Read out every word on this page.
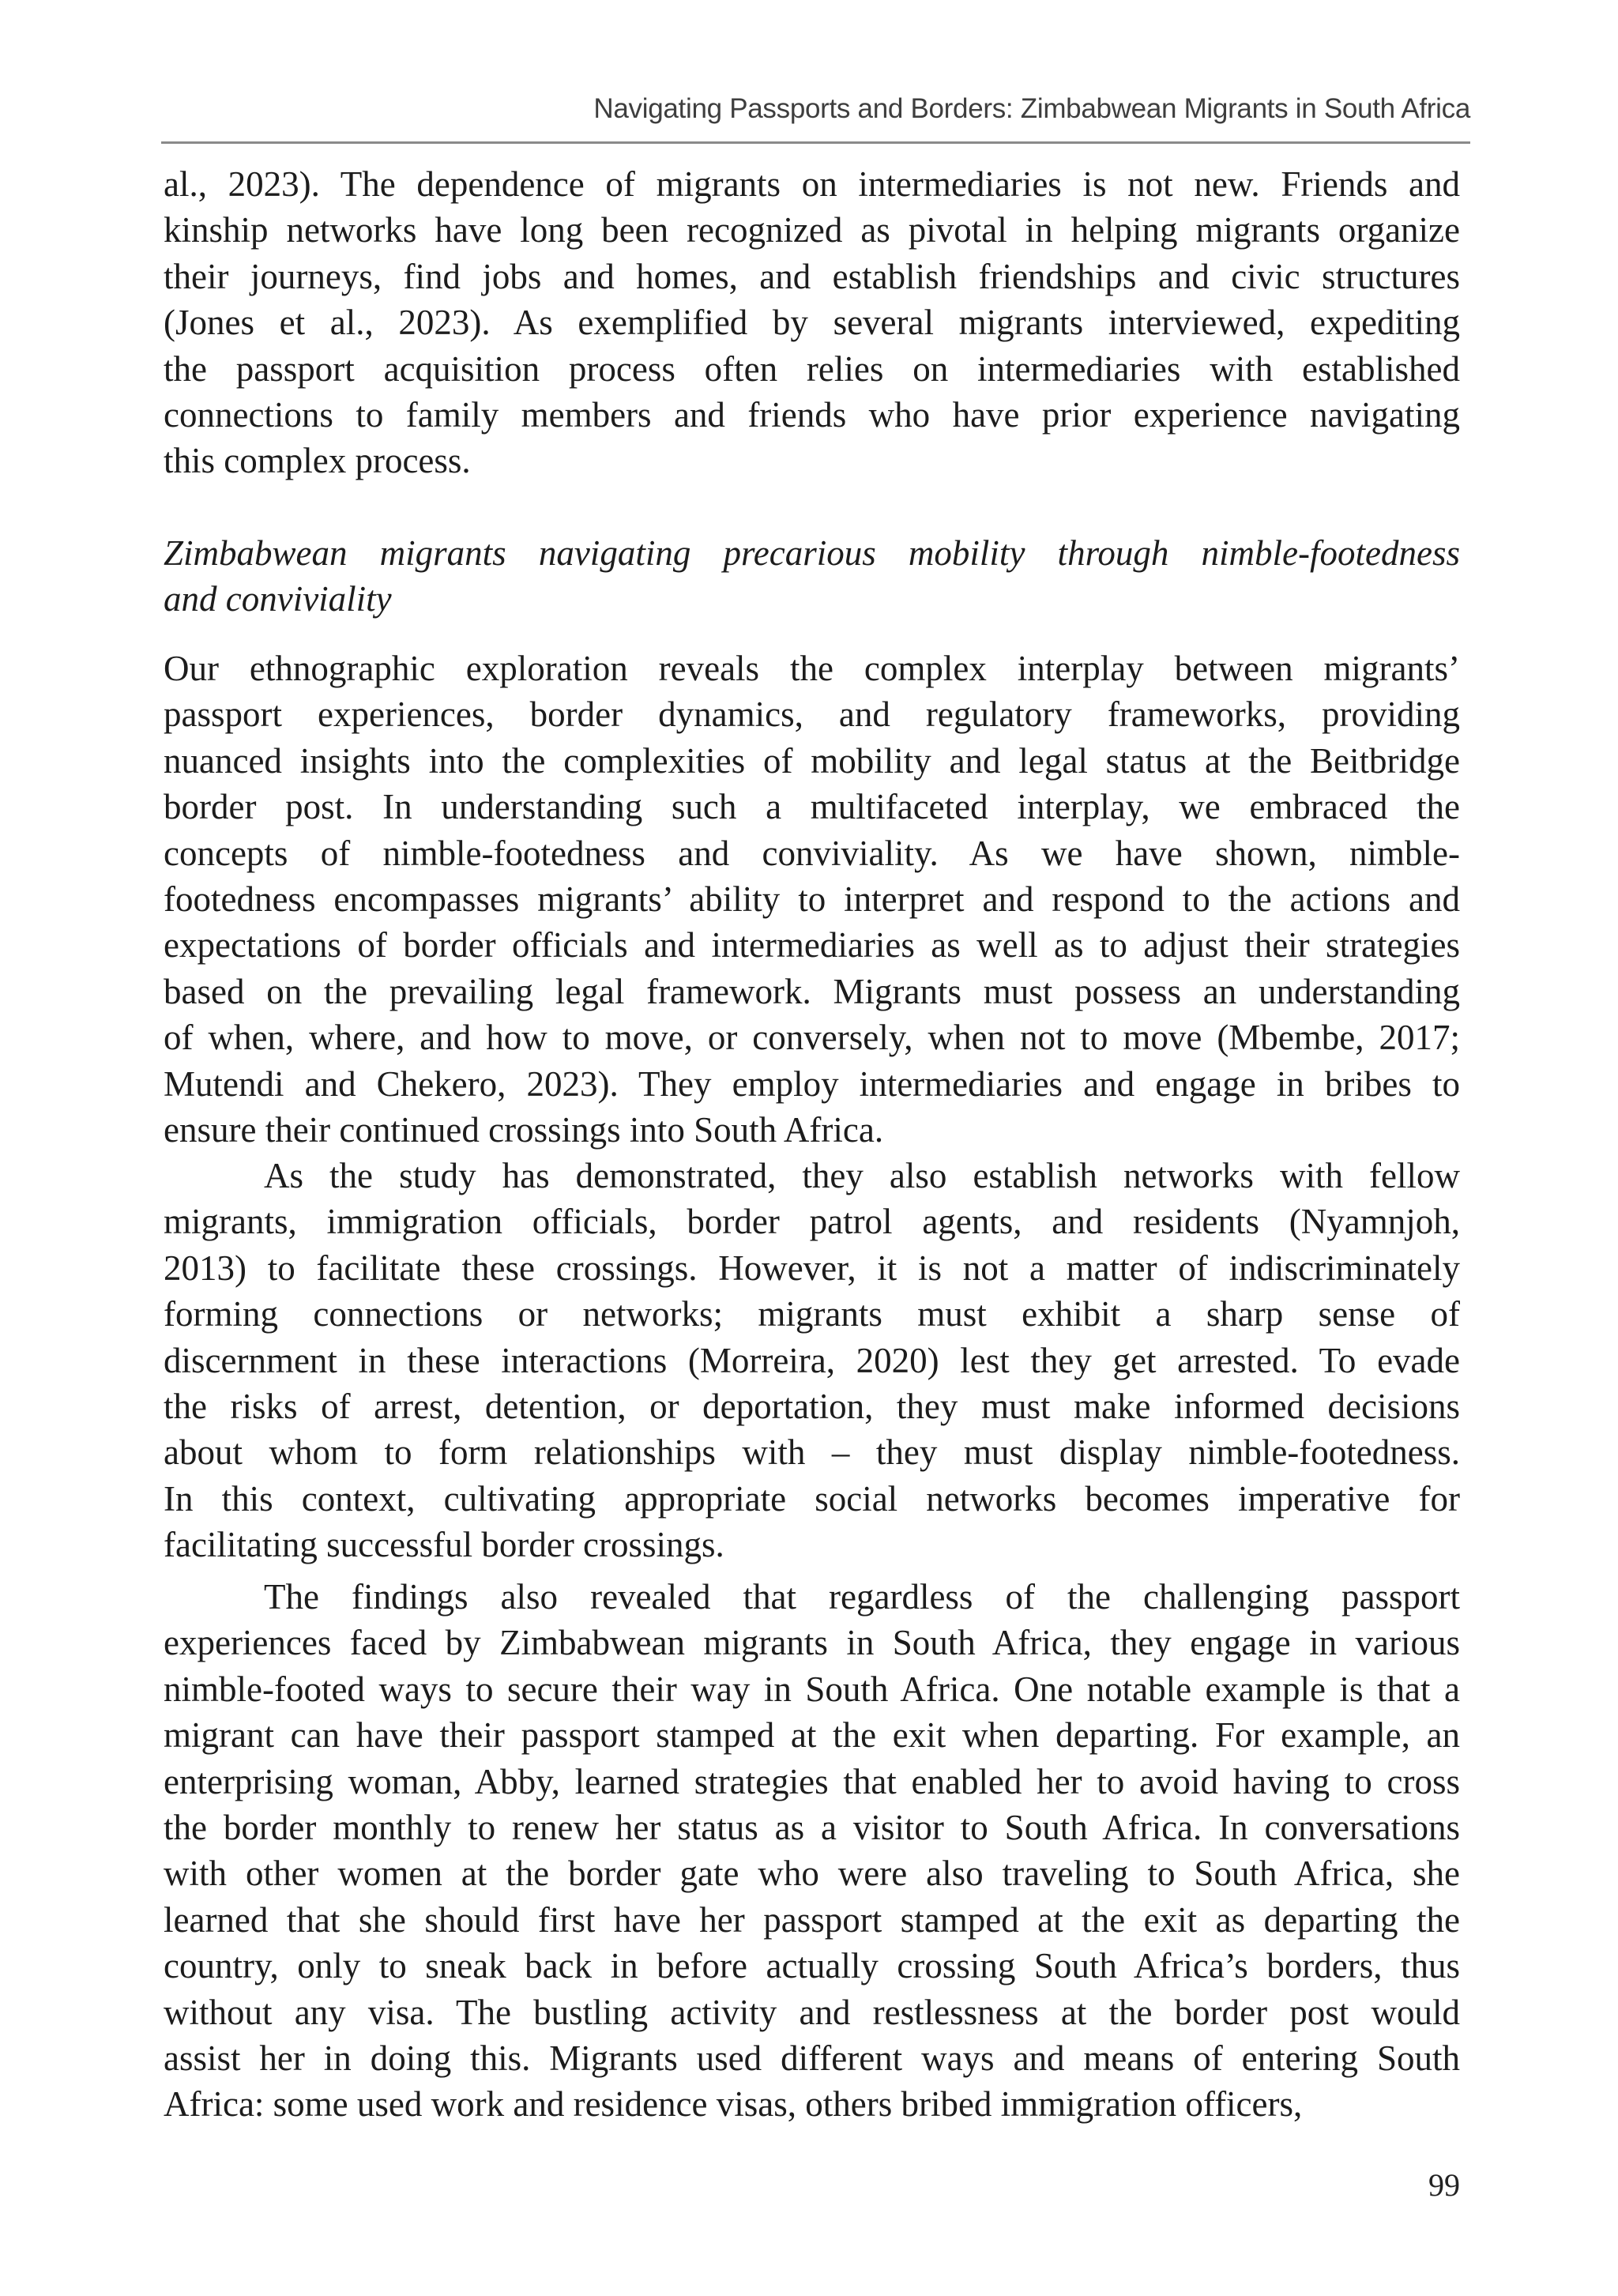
Navigating Passports and Borders: Zimbabwean Migrants in South Africa
al., 2023). The dependence of migrants on intermediaries is not new. Friends and
kinship networks have long been recognized as pivotal in helping migrants organize
their journeys, find jobs and homes, and establish friendships and civic structures
(Jones et al., 2023). As exemplified by several migrants interviewed, expediting
the passport acquisition process often relies on intermediaries with established
connections to family members and friends who have prior experience navigating
this complex process.
Zimbabwean migrants navigating precarious mobility through nimble-footedness
and conviviality
Our ethnographic exploration reveals the complex interplay between migrants’
passport experiences, border dynamics, and regulatory frameworks, providing
nuanced insights into the complexities of mobility and legal status at the Beitbridge
border post. In understanding such a multifaceted interplay, we embraced the
concepts of nimble-footedness and conviviality. As we have shown, nimble-
footedness encompasses migrants’ ability to interpret and respond to the actions and
expectations of border officials and intermediaries as well as to adjust their strategies
based on the prevailing legal framework. Migrants must possess an understanding
of when, where, and how to move, or conversely, when not to move (Mbembe, 2017;
Mutendi and Chekero, 2023). They employ intermediaries and engage in bribes to
ensure their continued crossings into South Africa.
As the study has demonstrated, they also establish networks with fellow
migrants, immigration officials, border patrol agents, and residents (Nyamnjoh,
2013) to facilitate these crossings. However, it is not a matter of indiscriminately
forming connections or networks; migrants must exhibit a sharp sense of
discernment in these interactions (Morreira, 2020) lest they get arrested. To evade
the risks of arrest, detention, or deportation, they must make informed decisions
about whom to form relationships with – they must display nimble-footedness.
In this context, cultivating appropriate social networks becomes imperative for
facilitating successful border crossings.
The findings also revealed that regardless of the challenging passport
experiences faced by Zimbabwean migrants in South Africa, they engage in various
nimble-footed ways to secure their way in South Africa. One notable example is that a
migrant can have their passport stamped at the exit when departing. For example, an
enterprising woman, Abby, learned strategies that enabled her to avoid having to cross
the border monthly to renew her status as a visitor to South Africa. In conversations
with other women at the border gate who were also traveling to South Africa, she
learned that she should first have her passport stamped at the exit as departing the
country, only to sneak back in before actually crossing South Africa’s borders, thus
without any visa. The bustling activity and restlessness at the border post would
assist her in doing this. Migrants used different ways and means of entering South
Africa: some used work and residence visas, others bribed immigration officers,
99
